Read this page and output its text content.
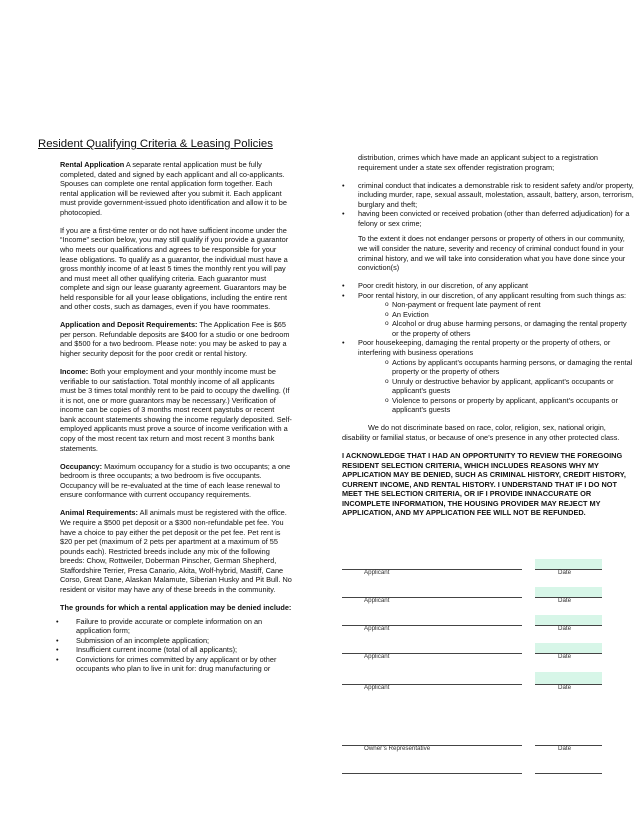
Resident Qualifying Criteria & Leasing Policies

Rental Application A separate rental application must be fully completed, dated and signed by each applicant and all co-applicants. Spouses can complete one rental application form together. Each rental application will be reviewed after you submit it. Each applicant must provide government-issued photo identification and allow it to be photocopied.

If you are a first-time renter or do not have sufficient income under the “Income” section below, you may still qualify if you provide a guarantor who meets our qualifications and agrees to be responsible for your lease obligations. To qualify as a guarantor, the individual must have a gross monthly income of at least 5 times the monthly rent you will pay and must meet all other qualifying criteria. Each guarantor must complete and sign our lease guaranty agreement. Guarantors may be held responsible for all your lease obligations, including the entire rent and other costs, such as damages, even if you have roommates.

Application and Deposit Requirements: The Application Fee is $65 per person. Refundable deposits are $400 for a studio or one bedroom and $500 for a two bedroom. Please note: you may be asked to pay a higher security deposit for the poor credit or rental history.

Income: Both your employment and your monthly income must be verifiable to our satisfaction. Total monthly income of all applicants must be 3 times total monthly rent to be paid to occupy the dwelling. (If it is not, one or more guarantors may be necessary.) Verification of income can be copies of 3 months most recent paystubs or recent bank account statements showing the income regularly deposited. Self-employed applicants must prove a source of income verification with a copy of the most recent tax return and most recent 3 months bank statements.

Occupancy: Maximum occupancy for a studio is two occupants; a one bedroom is three occupants; a two bedroom is five occupants. Occupancy will be re-evaluated at the time of each lease renewal to ensure conformance with current occupancy requirements.

Animal Requirements: All animals must be registered with the office. We require a $500 pet deposit or a $300 non-refundable pet fee. You have a choice to pay either the pet deposit or the pet fee. Pet rent is $20 per pet (maximum of 2 pets per apartment at a maximum of 55 pounds each). Restricted breeds include any mix of the following breeds: Chow, Rottweiler, Doberman Pinscher, German Shepherd, Staffordshire Terrier, Presa Canario, Akita, Wolf-hybrid, Mastiff, Cane Corso, Great Dane, Alaskan Malamute, Siberian Husky and Pit Bull. No resident or visitor may have any of these breeds in the community.

The grounds for which a rental application may be denied include:
• Failure to provide accurate or complete information on an application form;
• Submission of an incomplete application;
• Insufficient current income (total of all applicants);
• Convictions for crimes committed by any applicant or by other occupants who plan to live in unit for: drug manufacturing or

distribution, crimes which have made an applicant subject to a registration requirement under a state sex offender registration program;

• criminal conduct that indicates a demonstrable risk to resident safety and/or property, including murder, rape, sexual assault, molestation, assault, battery, arson, terrorism, burglary and theft;
• having been convicted or received probation (other than deferred adjudication) for a felony or sex crime;

To the extent it does not endanger persons or property of others in our community, we will consider the nature, severity and recency of criminal conduct found in your criminal history, and we will take into consideration what you have done since your conviction(s)

• Poor credit history, in our discretion, of any applicant
• Poor rental history, in our discretion, of any applicant resulting from such things as:
o Non-payment or frequent late payment of rent
o An Eviction
o Alcohol or drug abuse harming persons, or damaging the rental property or the property of others
• Poor housekeeping, damaging the rental property or the property of others, or interfering with business operations
o Actions by applicant’s occupants harming persons, or damaging the rental property or the property of others
o Unruly or destructive behavior by applicant, applicant’s occupants or applicant’s guests
o Violence to persons or property by applicant, applicant’s occupants or applicant’s guests

We do not discriminate based on race, color, religion, sex, national origin, disability or familial status, or because of one’s presence in any other protected class.

I ACKNOWLEDGE THAT I HAD AN OPPORTUNITY TO REVIEW THE FOREGOING RESIDENT SELECTION CRITERIA, WHICH INCLUDES REASONS WHY MY APPLICATION MAY BE DENIED, SUCH AS CRIMINAL HISTORY, CREDIT HISTORY, CURRENT INCOME, AND RENTAL HISTORY. I UNDERSTAND THAT IF I DO NOT MEET THE SELECTION CRITERIA, OR IF I PROVIDE INNACCURATE OR INCOMPLETE INFORMATION, THE HOUSING PROVIDER MAY REJECT MY APPLICATION, AND MY APPLICATION FEE WILL NOT BE REFUNDED.

Applicant	Date
Applicant	Date
Applicant	Date
Applicant	Date
Applicant	Date
Owner’s Representative	Date
